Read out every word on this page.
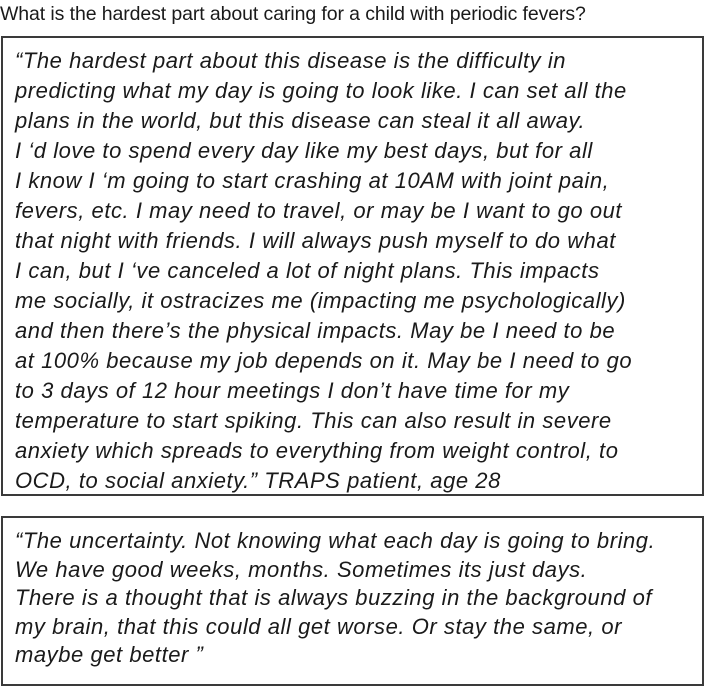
What is the hardest part about caring for a child with periodic fevers?
“The hardest part about this disease is the difficulty in
predicting what my day is going to look like. I can set all the
plans in the world, but this disease can steal it all away.
I ‘d love to spend every day like my best days, but for all
I know I ‘m going to start crashing at 10AM with joint pain,
fevers, etc. I may need to travel, or may be I want to go out
that night with friends. I will always push myself to do what
I can, but I ‘ve canceled a lot of night plans. This impacts
me socially, it ostracizes me (impacting me psychologically)
and then there’s the physical impacts. May be I need to be
at 100% because my job depends on it. May be I need to go
to 3 days of 12 hour meetings I don’t have time for my
temperature to start spiking. This can also result in severe
anxiety which spreads to everything from weight control, to
OCD, to social anxiety.” TRAPS patient, age 28
“The uncertainty. Not knowing what each day is going to bring.
We have good weeks, months. Sometimes its just days.
There is a thought that is always buzzing in the background of
my brain, that this could all get worse. Or stay the same, or
maybe get better ”
